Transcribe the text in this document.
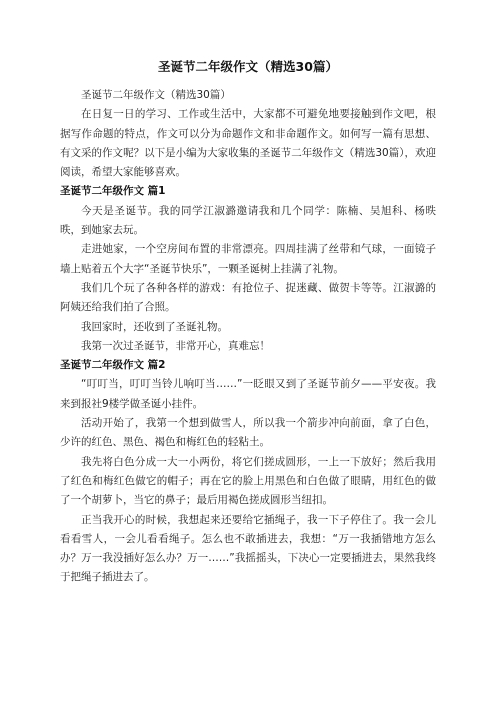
圣诞节二年级作文（精选30篇）

圣诞节二年级作文（精选30篇）

在日复一日的学习、工作或生活中，大家都不可避免地要接触到作文吧，根据写作命题的特点，作文可以分为命题作文和非命题作文。如何写一篇有思想、有文采的作文呢？以下是小编为大家收集的圣诞节二年级作文（精选30篇），欢迎阅读，希望大家能够喜欢。

圣诞节二年级作文 篇1

今天是圣诞节。我的同学江淑潞邀请我和几个同学：陈楠、吴旭科、杨昳昳，到她家去玩。

走进她家，一个空房间布置的非常漂亮。四周挂满了丝带和气球，一面镜子墙上贴着五个大字“圣诞节快乐”，一颗圣诞树上挂满了礼物。

我们几个玩了各种各样的游戏：有抢位子、捉迷藏、做贺卡等等。江淑潞的阿姨还给我们拍了合照。

我回家时，还收到了圣诞礼物。

我第一次过圣诞节，非常开心，真难忘！

圣诞节二年级作文 篇2

“叮叮当，叮叮当铃儿响叮当……”一眨眼又到了圣诞节前夕——平安夜。我来到报社9楼学做圣诞小挂件。

活动开始了，我第一个想到做雪人，所以我一个箭步冲向前面，拿了白色，少许的红色、黑色、褐色和梅红色的轻粘土。

我先将白色分成一大一小两份，将它们搓成圆形，一上一下放好；然后我用了红色和梅红色做它的帽子；再在它的脸上用黑色和白色做了眼睛，用红色的做了一个胡萝卜，当它的鼻子；最后用褐色搓成圆形当纽扣。

正当我开心的时候，我想起来还要给它插绳子，我一下子停住了。我一会儿看看雪人，一会儿看看绳子。怎么也不敢插进去，我想：“万一我插错地方怎么办？万一我没插好怎么办？万一……”我摇摇头，下决心一定要插进去，果然我终于把绳子插进去了。
